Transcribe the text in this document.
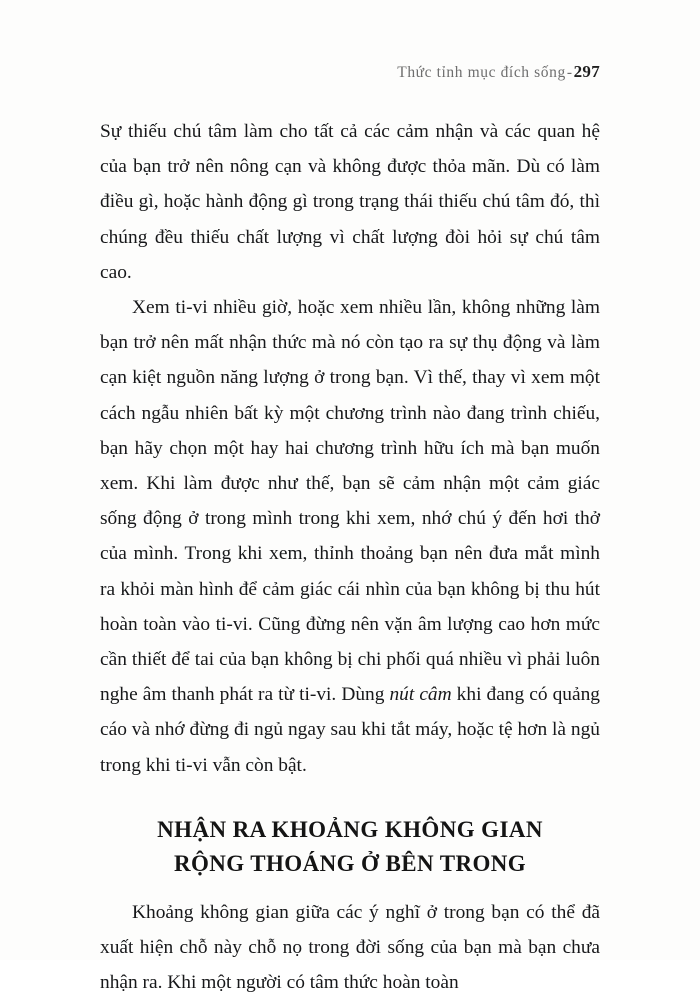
Thức tỉnh mục đích sống-297

Sự thiếu chú tâm làm cho tất cả các cảm nhận và các quan hệ của bạn trở nên nông cạn và không được thỏa mãn. Dù có làm điều gì, hoặc hành động gì trong trạng thái thiếu chú tâm đó, thì chúng đều thiếu chất lượng vì chất lượng đòi hỏi sự chú tâm cao.

Xem ti-vi nhiều giờ, hoặc xem nhiều lần, không những làm bạn trở nên mất nhận thức mà nó còn tạo ra sự thụ động và làm cạn kiệt nguồn năng lượng ở trong bạn. Vì thế, thay vì xem một cách ngẫu nhiên bất kỳ một chương trình nào đang trình chiếu, bạn hãy chọn một hay hai chương trình hữu ích mà bạn muốn xem. Khi làm được như thế, bạn sẽ cảm nhận một cảm giác sống động ở trong mình trong khi xem, nhớ chú ý đến hơi thở của mình. Trong khi xem, thỉnh thoảng bạn nên đưa mắt mình ra khỏi màn hình để cảm giác cái nhìn của bạn không bị thu hút hoàn toàn vào ti-vi. Cũng đừng nên vặn âm lượng cao hơn mức cần thiết để tai của bạn không bị chi phối quá nhiều vì phải luôn nghe âm thanh phát ra từ ti-vi. Dùng nút câm khi đang có quảng cáo và nhớ đừng đi ngủ ngay sau khi tắt máy, hoặc tệ hơn là ngủ trong khi ti-vi vẫn còn bật.

NHẬN RA KHOẢNG KHÔNG GIAN
RỘNG THOÁNG Ở BÊN TRONG

Khoảng không gian giữa các ý nghĩ ở trong bạn có thể đã xuất hiện chỗ này chỗ nọ trong đời sống của bạn mà bạn chưa nhận ra. Khi một người có tâm thức hoàn toàn
